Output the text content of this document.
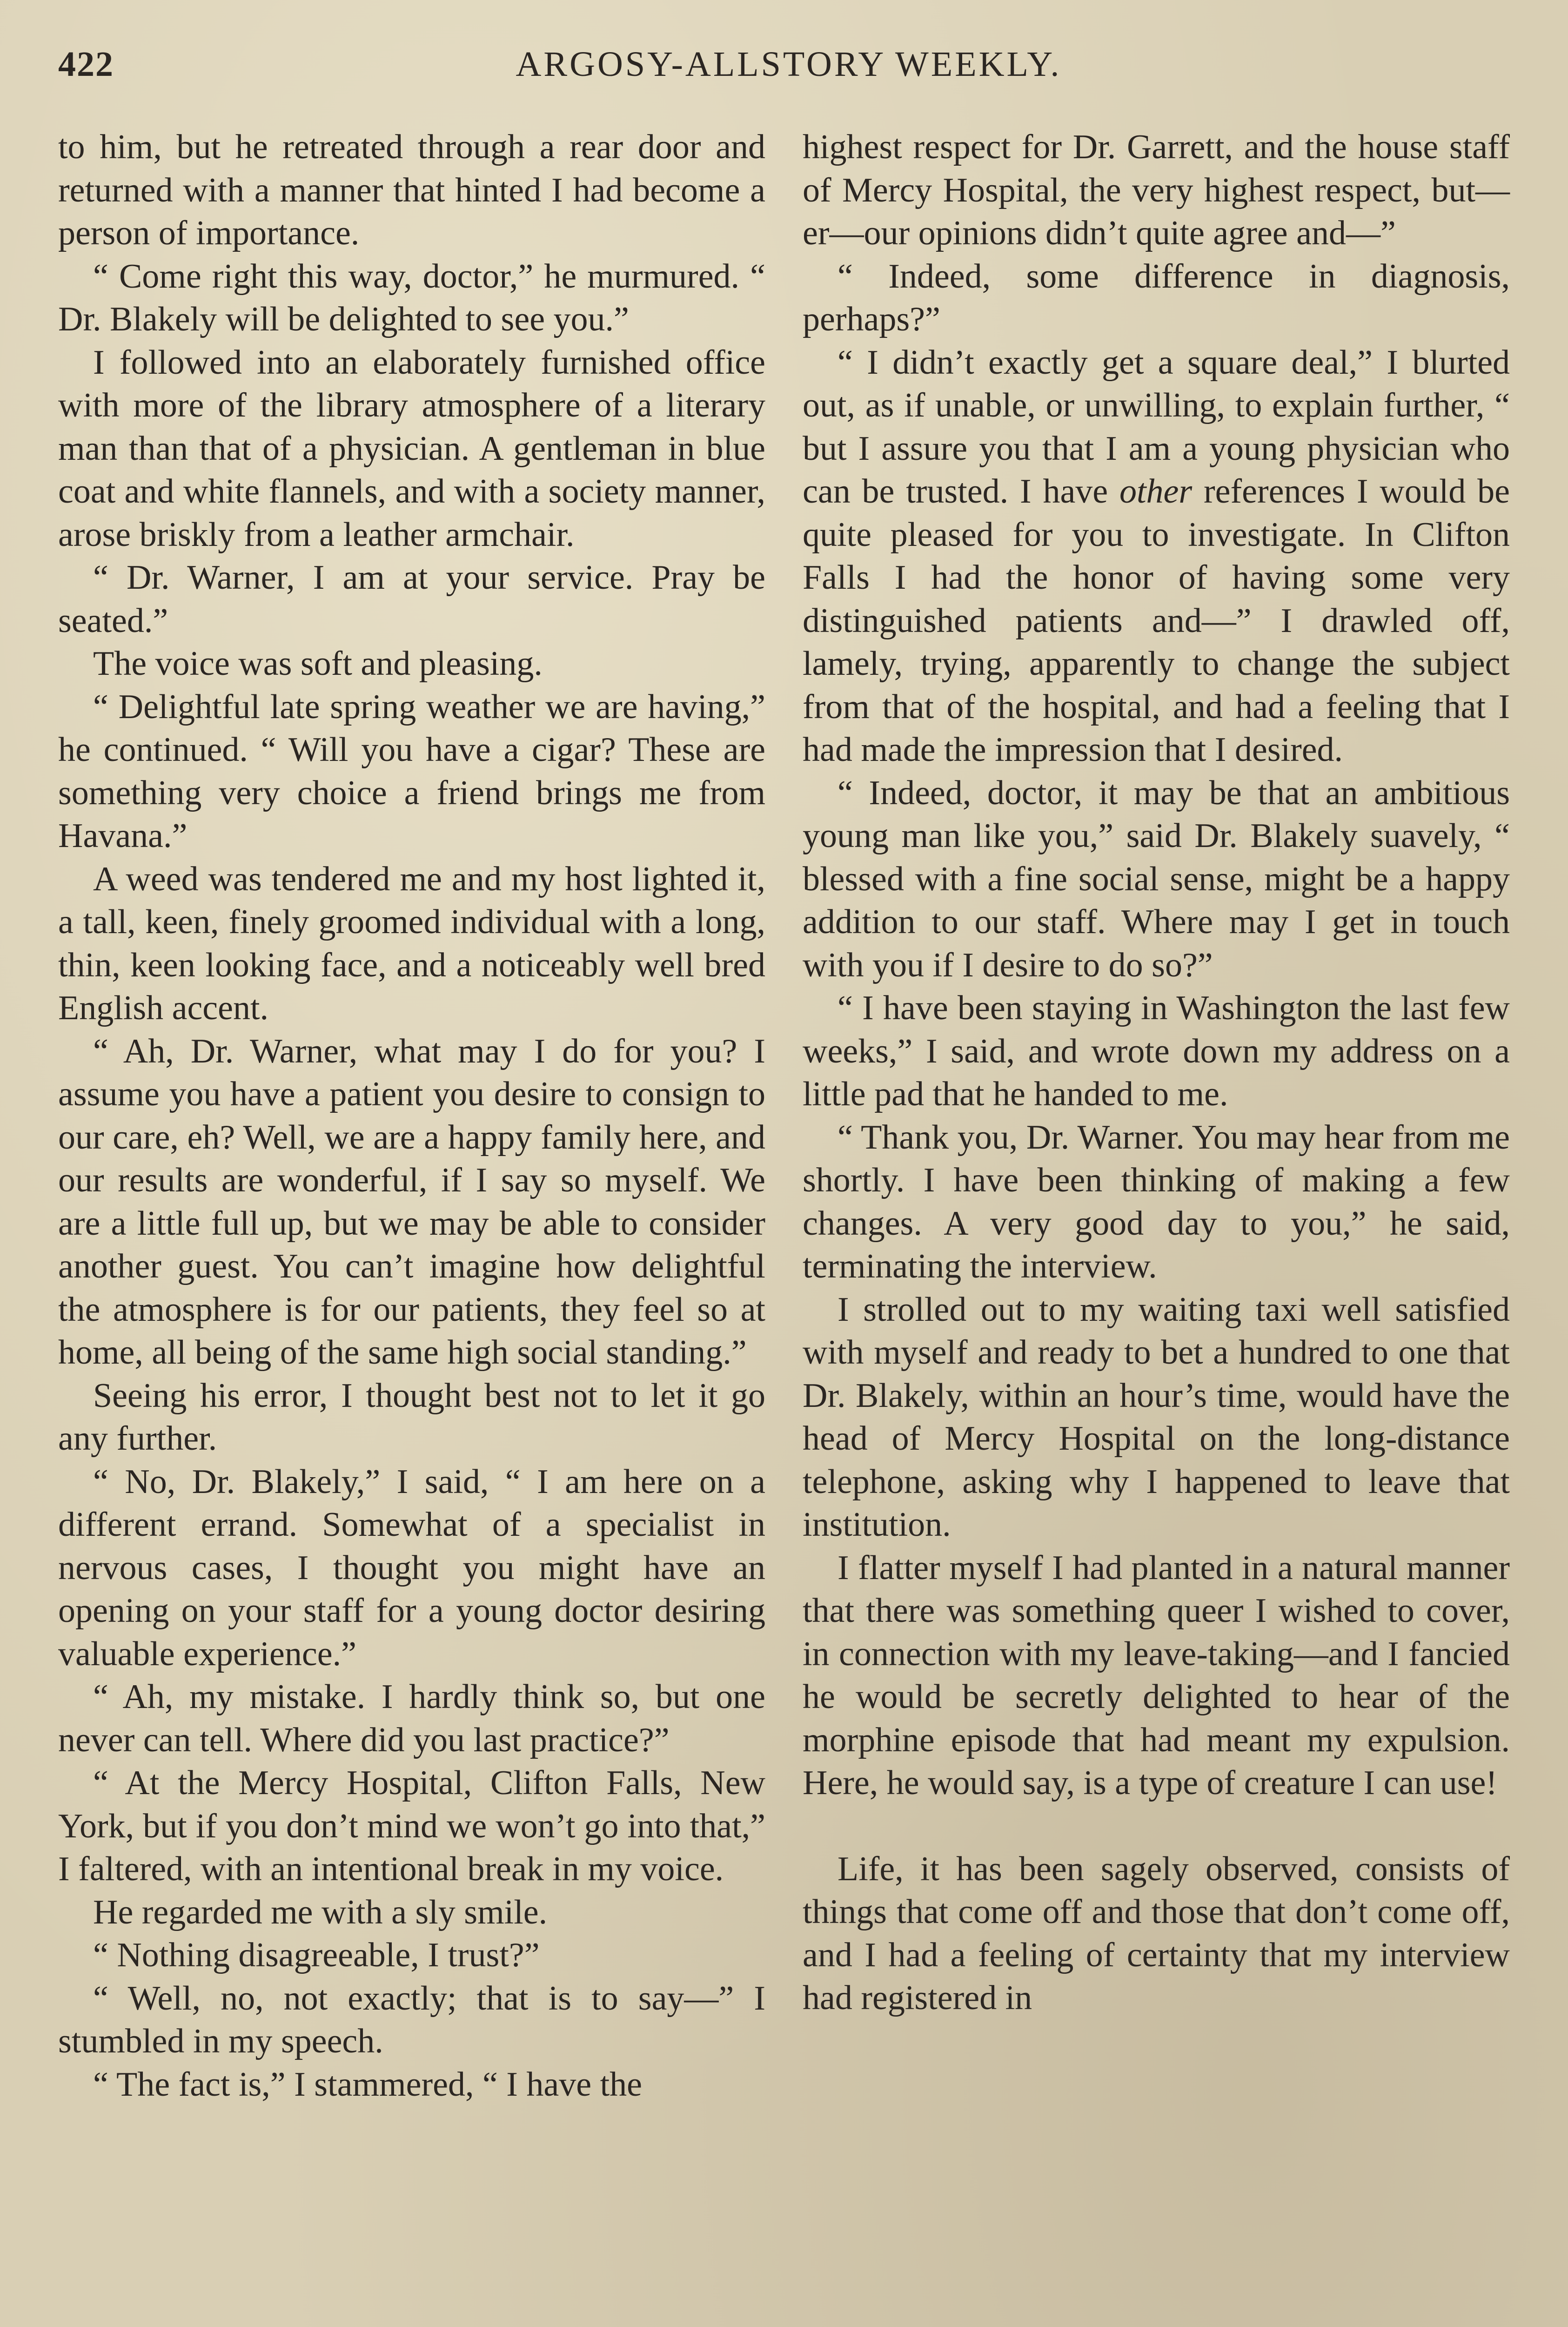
422	ARGOSY-ALLSTORY WEEKLY.

to him, but he retreated through a rear door and returned with a manner that hinted I had become a person of importance.

“ Come right this way, doctor,” he murmured. “ Dr. Blakely will be delighted to see you.”

I followed into an elaborately furnished office with more of the library atmosphere of a literary man than that of a physician. A gentleman in blue coat and white flannels, and with a society manner, arose briskly from a leather armchair.

“ Dr. Warner, I am at your service. Pray be seated.”

The voice was soft and pleasing.

“ Delightful late spring weather we are having,” he continued. “ Will you have a cigar? These are something very choice a friend brings me from Havana.”

A weed was tendered me and my host lighted it, a tall, keen, finely groomed individual with a long, thin, keen looking face, and a noticeably well bred English accent.

“ Ah, Dr. Warner, what may I do for you? I assume you have a patient you desire to consign to our care, eh? Well, we are a happy family here, and our results are wonderful, if I say so myself. We are a little full up, but we may be able to consider another guest. You can’t imagine how delightful the atmosphere is for our patients, they feel so at home, all being of the same high social standing.”

Seeing his error, I thought best not to let it go any further.

“ No, Dr. Blakely,” I said, “ I am here on a different errand. Somewhat of a specialist in nervous cases, I thought you might have an opening on your staff for a young doctor desiring valuable experience.”

“ Ah, my mistake. I hardly think so, but one never can tell. Where did you last practice?”

“ At the Mercy Hospital, Clifton Falls, New York, but if you don’t mind we won’t go into that,” I faltered, with an intentional break in my voice.

He regarded me with a sly smile.

“ Nothing disagreeable, I trust?”

“ Well, no, not exactly; that is to say—” I stumbled in my speech.

“ The fact is,” I stammered, “ I have the

highest respect for Dr. Garrett, and the house staff of Mercy Hospital, the very highest respect, but—er—our opinions didn’t quite agree and—”

“ Indeed, some difference in diagnosis, perhaps?”

“ I didn’t exactly get a square deal,” I blurted out, as if unable, or unwilling, to explain further, “ but I assure you that I am a young physician who can be trusted. I have other references I would be quite pleased for you to investigate. In Clifton Falls I had the honor of having some very distinguished patients and—” I drawled off, lamely, trying, apparently to change the subject from that of the hospital, and had a feeling that I had made the impression that I desired.

“ Indeed, doctor, it may be that an ambitious young man like you,” said Dr. Blakely suavely, “ blessed with a fine social sense, might be a happy addition to our staff. Where may I get in touch with you if I desire to do so?”

“ I have been staying in Washington the last few weeks,” I said, and wrote down my address on a little pad that he handed to me.

“ Thank you, Dr. Warner. You may hear from me shortly. I have been thinking of making a few changes. A very good day to you,” he said, terminating the interview.

I strolled out to my waiting taxi well satisfied with myself and ready to bet a hundred to one that Dr. Blakely, within an hour’s time, would have the head of Mercy Hospital on the long-distance telephone, asking why I happened to leave that institution.

I flatter myself I had planted in a natural manner that there was something queer I wished to cover, in connection with my leave-taking—and I fancied he would be secretly delighted to hear of the morphine episode that had meant my expulsion. Here, he would say, is a type of creature I can use!

Life, it has been sagely observed, consists of things that come off and those that don’t come off, and I had a feeling of certainty that my interview had registered in
